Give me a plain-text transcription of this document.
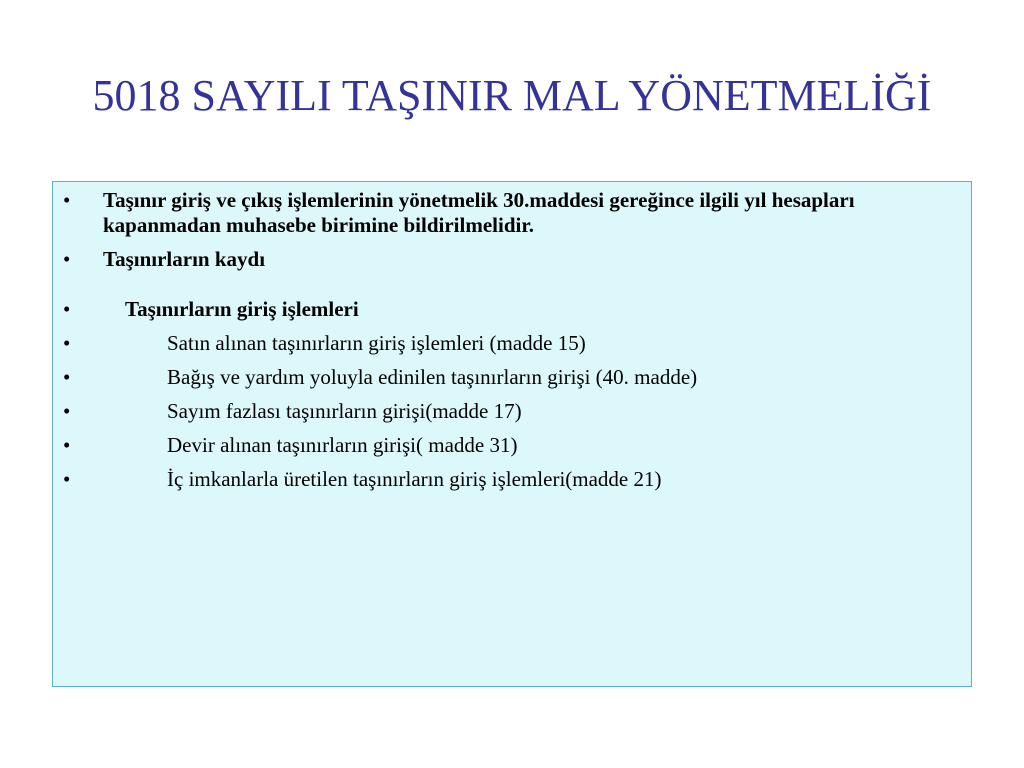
5018 SAYILI TAŞINIR MAL YÖNETMELİĞİ
•	Taşınır giriş ve çıkış işlemlerinin yönetmelik 30.maddesi gereğince ilgili yıl hesapları kapanmadan muhasebe birimine bildirilmelidir.
•	Taşınırların kaydı
•	Taşınırların giriş işlemleri
•	Satın alınan taşınırların giriş işlemleri (madde 15)
•	Bağış ve yardım yoluyla edinilen taşınırların girişi (40. madde)
•	Sayım fazlası taşınırların girişi(madde 17)
•	Devir alınan taşınırların girişi( madde 31)
•	İç imkanlarla üretilen taşınırların giriş işlemleri(madde 21)
